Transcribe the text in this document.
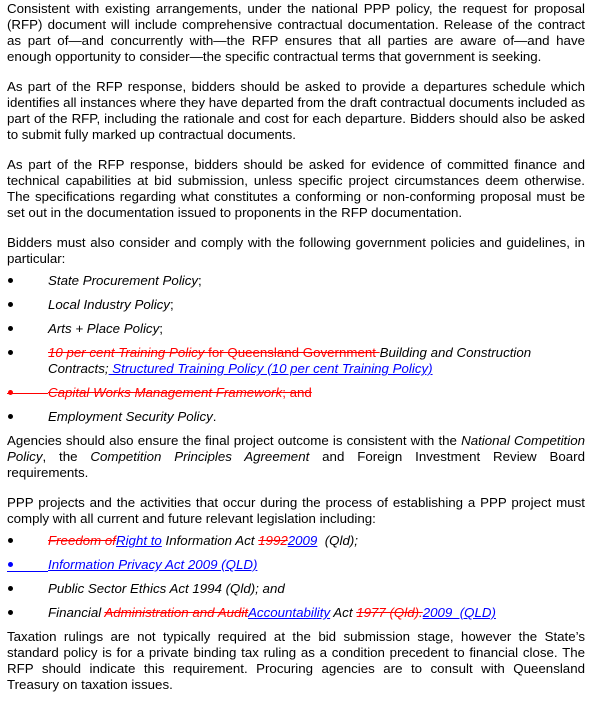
Consistent with existing arrangements, under the national PPP policy, the request for proposal (RFP) document will include comprehensive contractual documentation. Release of the contract as part of—and concurrently with—the RFP ensures that all parties are aware of—and have enough opportunity to consider—the specific contractual terms that government is seeking.

As part of the RFP response, bidders should be asked to provide a departures schedule which identifies all instances where they have departed from the draft contractual documents included as part of the RFP, including the rationale and cost for each departure. Bidders should also be asked to submit fully marked up contractual documents.

As part of the RFP response, bidders should be asked for evidence of committed finance and technical capabilities at bid submission, unless specific project circumstances deem otherwise. The specifications regarding what constitutes a conforming or non-conforming proposal must be set out in the documentation issued to proponents in the RFP documentation.

Bidders must also consider and comply with the following government policies and guidelines, in particular:

State Procurement Policy;
Local Industry Policy;
Arts + Place Policy;
10 per cent Training Policy for Queensland Government Building and Construction Contracts; Structured Training Policy (10 per cent Training Policy)
Capital Works Management Framework; and
Employment Security Policy.

Agencies should also ensure the final project outcome is consistent with the National Competition Policy, the Competition Principles Agreement and Foreign Investment Review Board requirements.

PPP projects and the activities that occur during the process of establishing a PPP project must comply with all current and future relevant legislation including:

Freedom ofRight to Information Act 19922009  (Qld);
Information Privacy Act 2009 (QLD)
Public Sector Ethics Act 1994 (Qld); and
Financial Administration and AuditAccountability Act 1977 (Qld).2009  (QLD)

Taxation rulings are not typically required at the bid submission stage, however the State’s standard policy is for a private binding tax ruling as a condition precedent to financial close. The RFP should indicate this requirement. Procuring agencies are to consult with Queensland Treasury on taxation issues.
